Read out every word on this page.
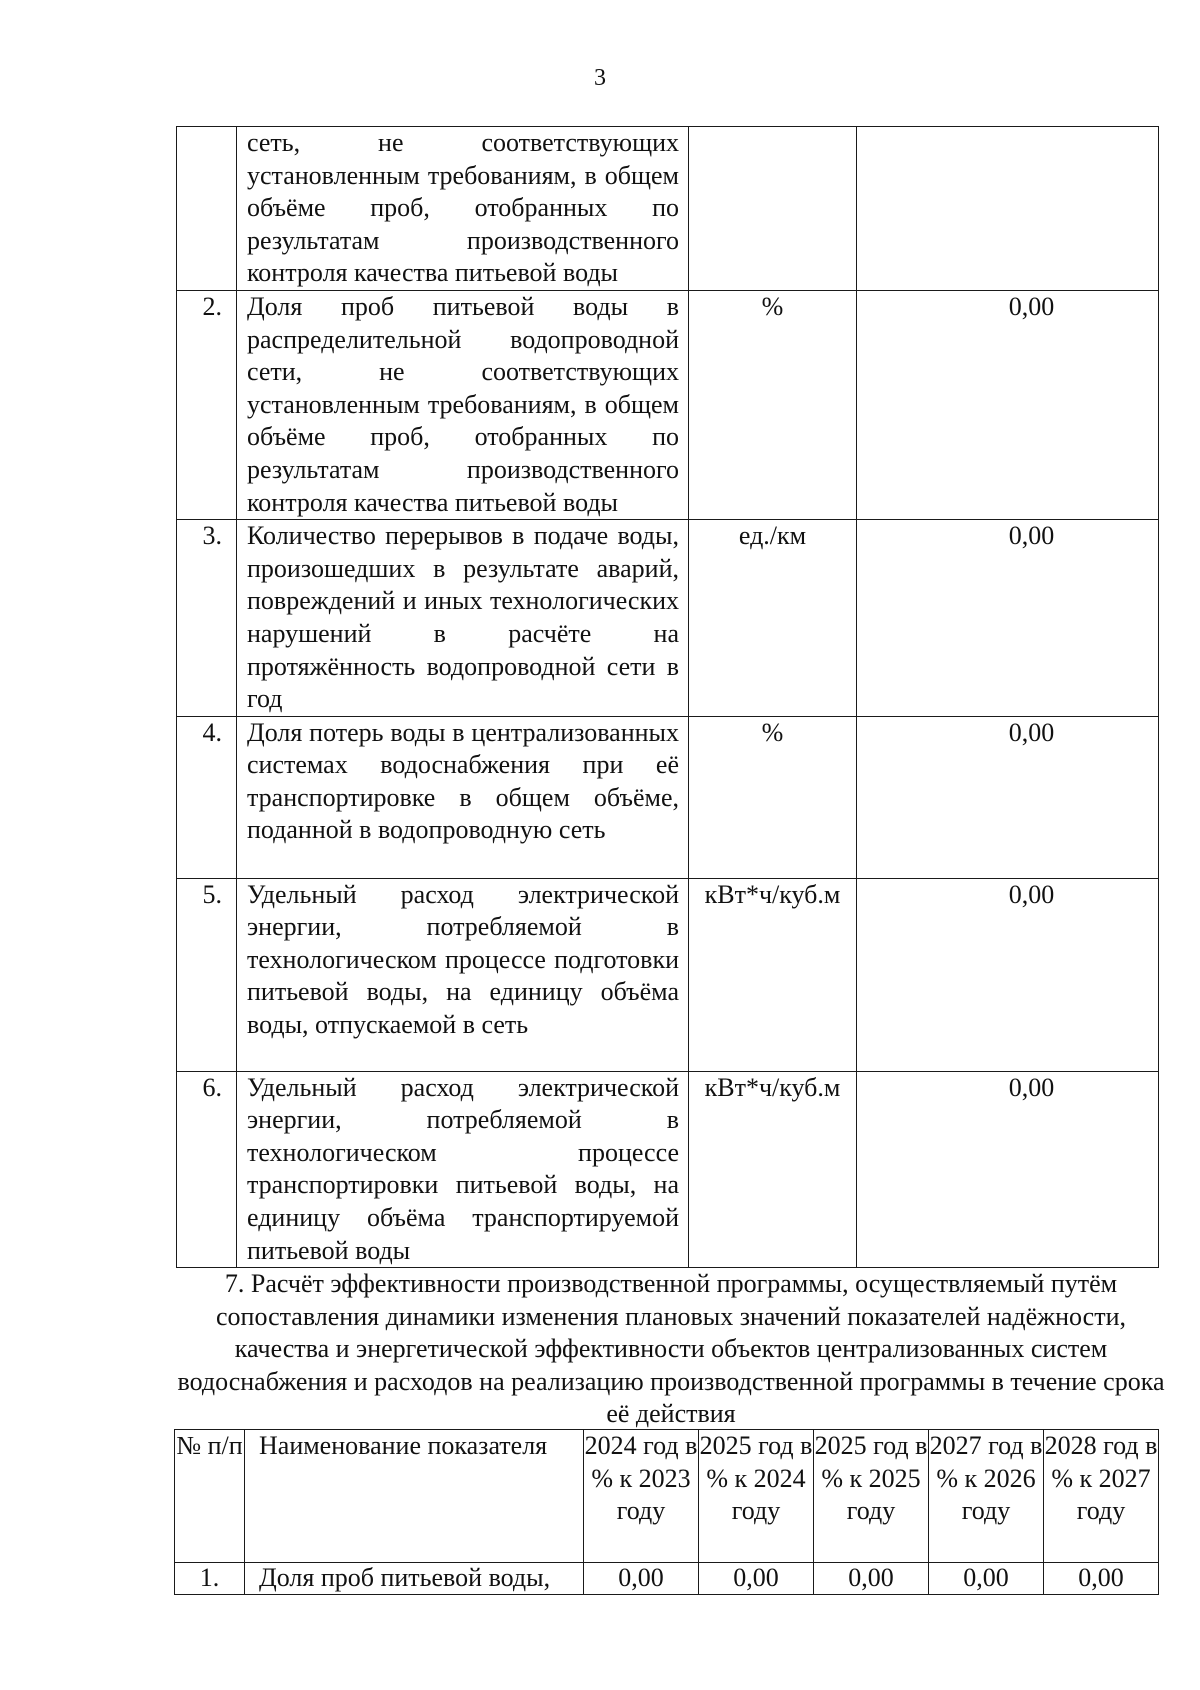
3
	сеть, не соответствующих установленным требованиям, в общем объёме проб, отобранных по результатам производственного контроля качества питьевой воды		
2.	Доля проб питьевой воды в распределительной водопроводной сети, не соответствующих установленным требованиям, в общем объёме проб, отобранных по результатам производственного контроля качества питьевой воды	%	0,00
3.	Количество перерывов в подаче воды, произошедших в результате аварий, повреждений и иных технологических нарушений в расчёте на протяжённость водопроводной сети в год	ед./км	0,00
4.	Доля потерь воды в централизованных системах водоснабжения при её транспортировке в общем объёме, поданной в водопроводную сеть	%	0,00
5.	Удельный расход электрической энергии, потребляемой в технологическом процессе подготовки питьевой воды, на единицу объёма воды, отпускаемой в сеть	кВт*ч/куб.м	0,00
6.	Удельный расход электрической энергии, потребляемой в технологическом процессе транспортировки питьевой воды, на единицу объёма транспортируемой питьевой воды	кВт*ч/куб.м	0,00
7. Расчёт эффективности производственной программы, осуществляемый путём сопоставления динамики изменения плановых значений показателей надёжности, качества и энергетической эффективности объектов централизованных систем водоснабжения и расходов на реализацию производственной программы в течение срока её действия
№ п/п	Наименование показателя	2024 год в % к 2023 году	2025 год в % к 2024 году	2025 год в % к 2025 году	2027 год в % к 2026 году	2028 год в % к 2027 году
1.	Доля проб питьевой воды,	0,00	0,00	0,00	0,00	0,00
